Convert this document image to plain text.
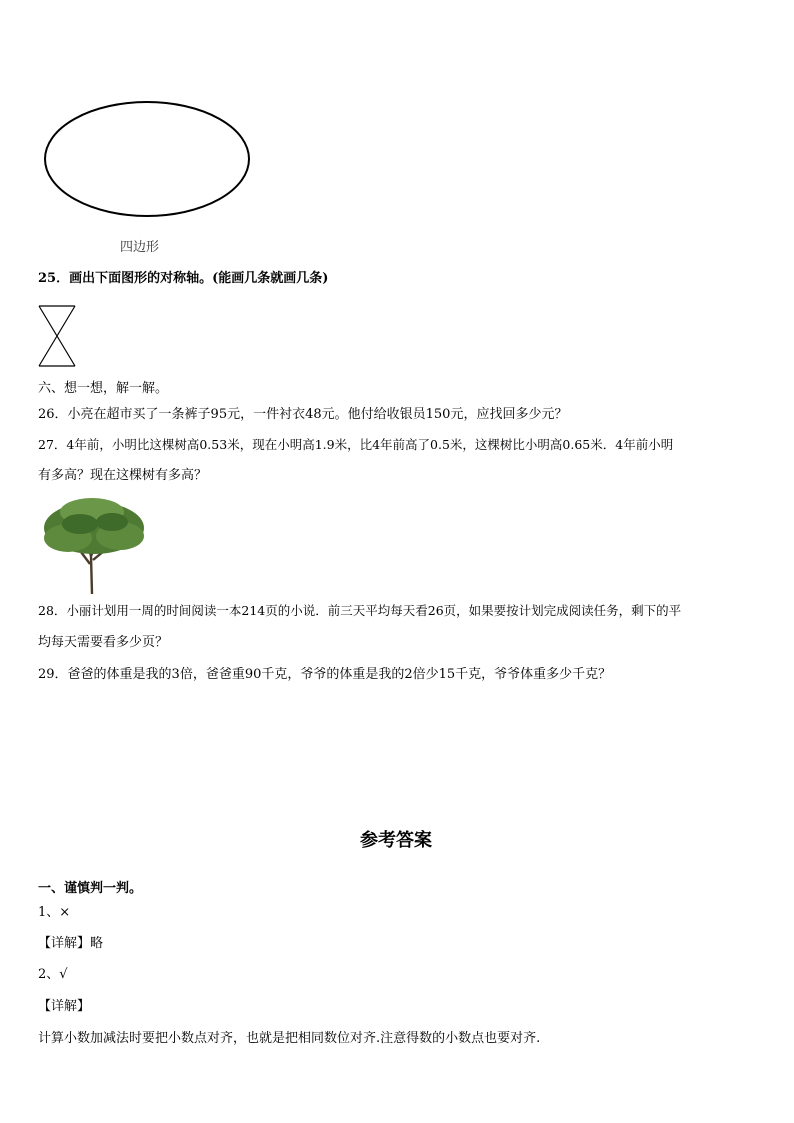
四边形
25．画出下面图形的对称轴。(能画几条就画几条)
六、想一想，解一解。
26．小亮在超市买了一条裤子95元，一件衬衣48元。他付给收银员150元，应找回多少元？
27．4年前，小明比这棵树高0.53米，现在小明高1.9米，比4年前高了0.5米，这棵树比小明高0.65米．4年前小明
有多高？现在这棵树有多高？
28．小丽计划用一周的时间阅读一本214页的小说．前三天平均每天看26页，如果要按计划完成阅读任务，剩下的平
均每天需要看多少页？
29．爸爸的体重是我的3倍，爸爸重90千克，爷爷的体重是我的2倍少15千克，爷爷体重多少千克？
参考答案
一、谨慎判一判。
1、×
【详解】略
2、√
【详解】
计算小数加减法时要把小数点对齐，也就是把相同数位对齐.注意得数的小数点也要对齐.
